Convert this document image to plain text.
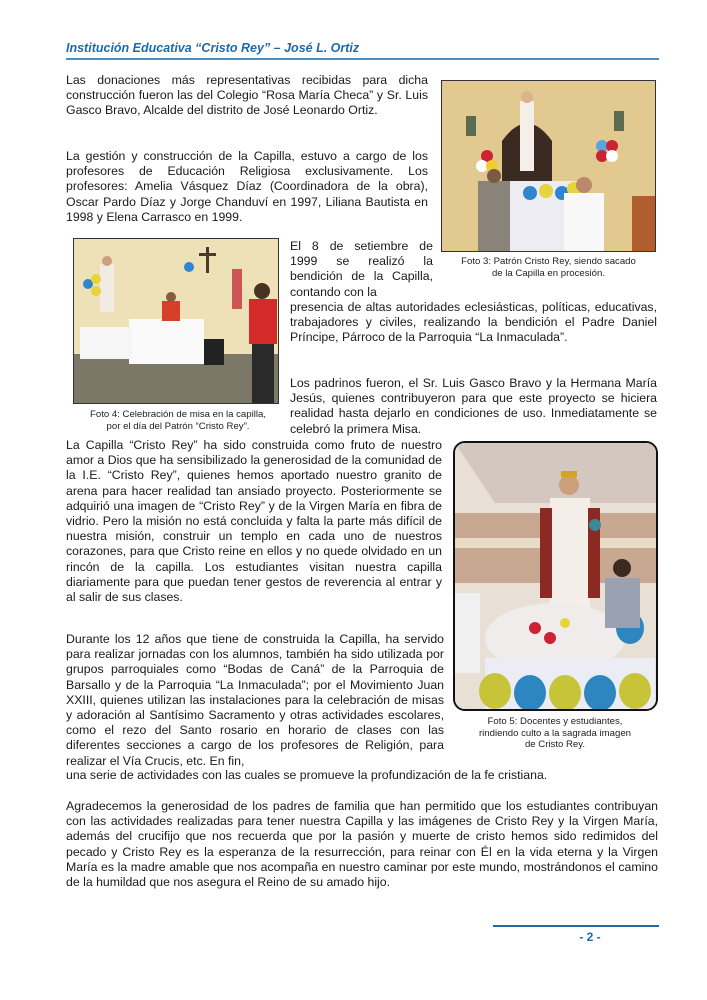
Institución Educativa “Cristo Rey” – José L. Ortiz

Las donaciones más representativas recibidas para dicha construcción fueron las del Colegio “Rosa María Checa” y Sr. Luis Gasco Bravo, Alcalde del distrito de José Leonardo Ortiz.

La gestión y construcción de la Capilla, estuvo a cargo de los profesores de Educación Religiosa exclusivamente. Los profesores: Amelia Vásquez Díaz (Coordinadora de la obra), Oscar Pardo Díaz y Jorge Chanduví en 1997, Liliana Bautista en 1998 y Elena Carrasco en 1999.

Foto 3: Patrón Cristo Rey, siendo sacado
de la Capilla en procesión.
Foto 4: Celebración de misa en la capilla,
por el día del Patrón “Cristo Rey”.

El 8 de setiembre de 1999 se realizó la bendición de la Capilla, contando con la

presencia de altas autoridades eclesiásticas, políticas, educativas, trabajadores y civiles, realizando la bendición el Padre Daniel Príncipe, Párroco de la Parroquia “La Inmaculada”.

Los padrinos fueron, el Sr. Luis Gasco Bravo y la Hermana María Jesús, quienes contribuyeron para que este proyecto se hiciera realidad hasta dejarlo en condiciones de uso. Inmediatamente se celebró la primera Misa.

La Capilla “Cristo Rey” ha sido construida como fruto de nuestro amor a Dios que ha sensibilizado la generosidad de la comunidad de la I.E. “Cristo Rey”, quienes hemos aportado nuestro granito de arena para hacer realidad tan ansiado proyecto. Posteriormente se adquirió una imagen de “Cristo Rey” y de la Virgen María en fibra de vidrio. Pero la misión no está concluida y falta la parte más difícil de nuestra misión, construir un templo en cada uno de nuestros corazones, para que Cristo reine en ellos y no quede olvidado en un rincón de la capilla. Los estudiantes visitan nuestra capilla diariamente para que puedan tener gestos de reverencia al entrar y al salir de sus clases.

Foto 5: Docentes y estudiantes,
rindiendo culto a la sagrada imagen
de Cristo Rey.

Durante los 12 años que tiene de construida la Capilla, ha servido para realizar jornadas con los alumnos, también ha sido utilizada por grupos parroquiales como “Bodas de Caná” de la Parroquia de Barsallo y de la Parroquia “La Inmaculada”; por el Movimiento Juan XXIII, quienes utilizan las instalaciones para la celebración de misas y adoración al Santísimo Sacramento y otras actividades escolares, como el rezo del Santo rosario en horario de clases con las diferentes secciones a cargo de los profesores de Religión, para realizar el Vía Crucis, etc. En fin,

una serie de actividades con las cuales se promueve la profundización de la fe cristiana.

Agradecemos la generosidad de los padres de familia que han permitido que los estudiantes contribuyan con las actividades realizadas para tener nuestra Capilla y las imágenes de Cristo Rey y la Virgen María, además del crucifijo que nos recuerda que por la pasión y muerte de cristo hemos sido redimidos del pecado y Cristo Rey es la esperanza de la resurrección, para reinar con Él en la vida eterna y la Virgen María es la madre amable que nos acompaña en nuestro caminar por este mundo, mostrándonos el camino de la humildad que nos asegura el Reino de su amado hijo.

- 2 -
